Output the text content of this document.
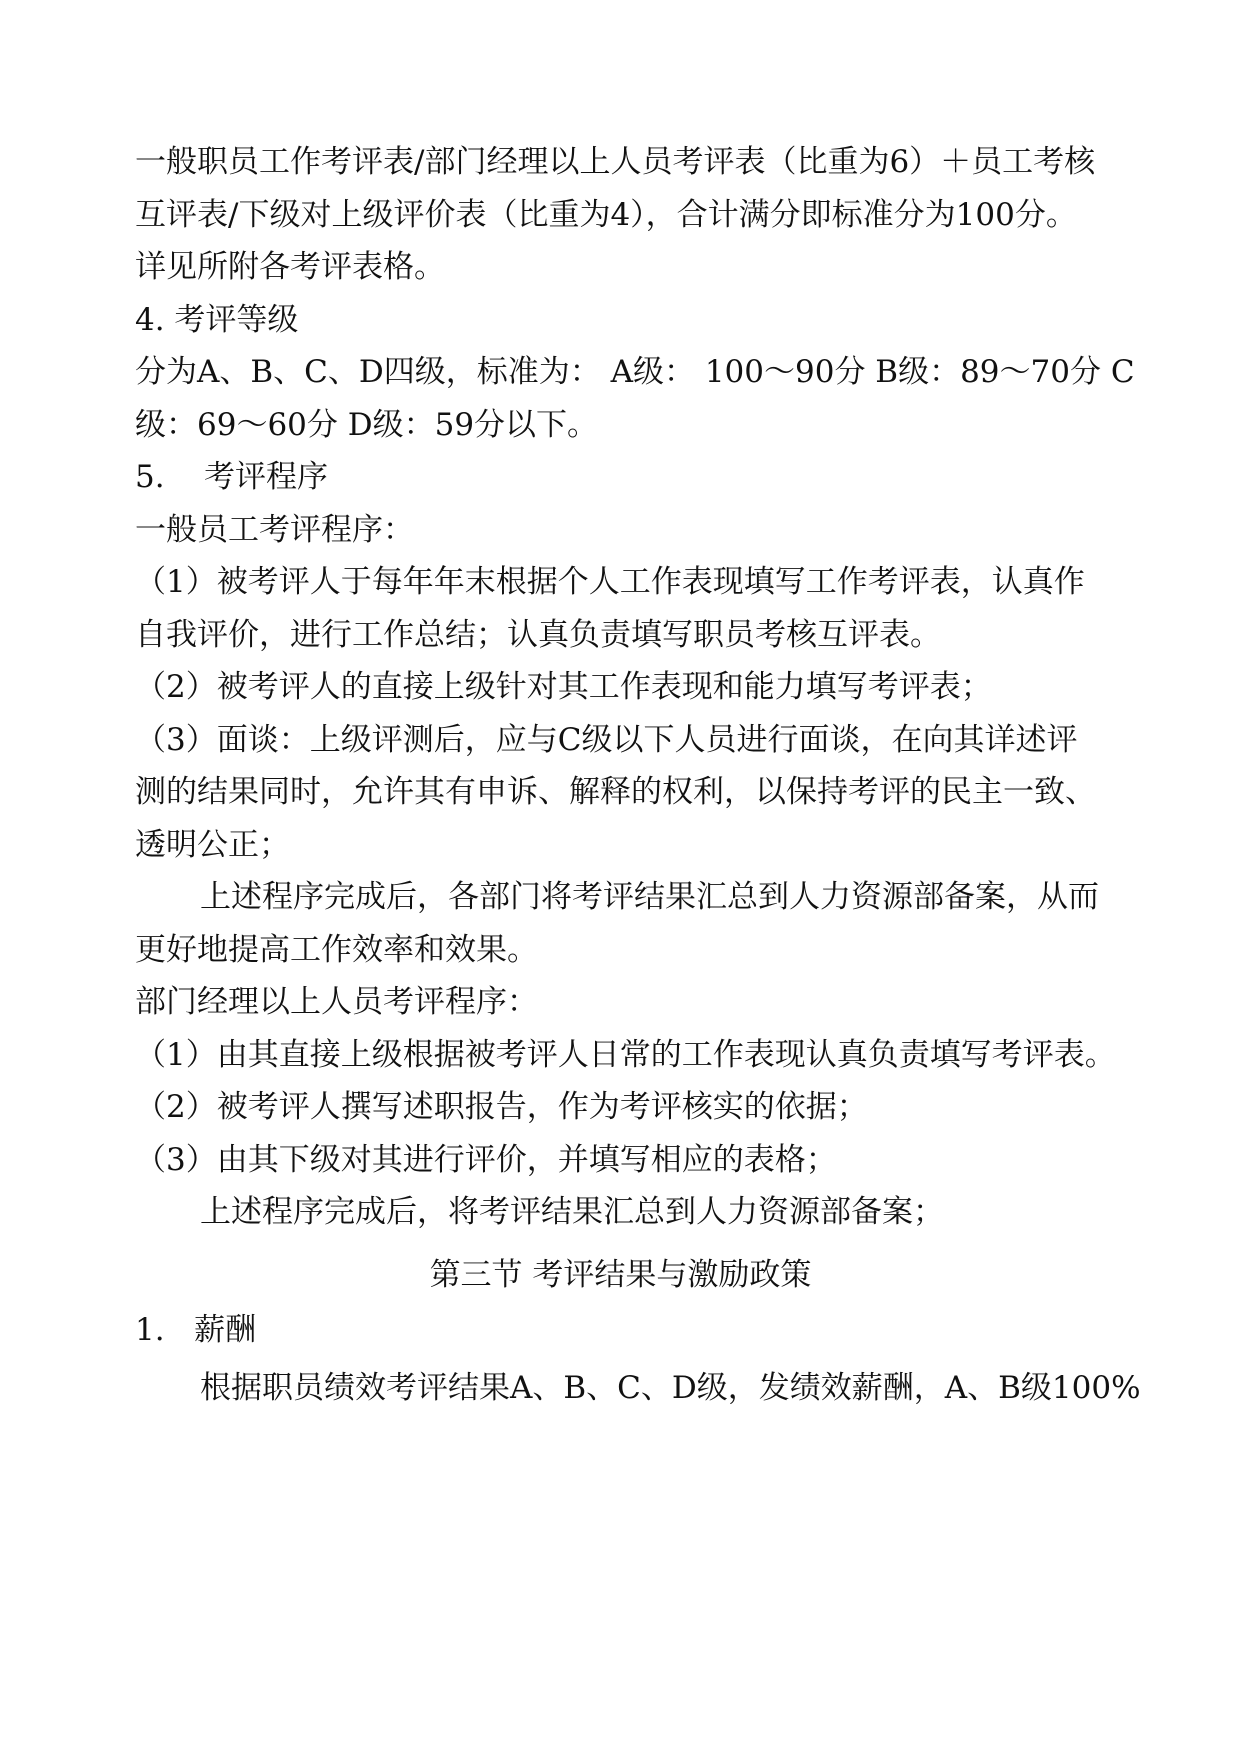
一般职员工作考评表/部门经理以上人员考评表（比重为6）＋员工考核
互评表/下级对上级评价表（比重为4），合计满分即标准分为100分。
详见所附各考评表格。
4. 考评等级
分为A、B、C、D四级，标准为： A级： 100～90分 B级：89～70分 C
级：69～60分 D级：59分以下。
5.    考评程序
一般员工考评程序：
（1）被考评人于每年年末根据个人工作表现填写工作考评表，认真作
自我评价，进行工作总结；认真负责填写职员考核互评表。
（2）被考评人的直接上级针对其工作表现和能力填写考评表；
（3）面谈：上级评测后，应与C级以下人员进行面谈，在向其详述评
测的结果同时，允许其有申诉、解释的权利，以保持考评的民主一致、
透明公正；
上述程序完成后，各部门将考评结果汇总到人力资源部备案，从而
更好地提高工作效率和效果。
部门经理以上人员考评程序：
（1）由其直接上级根据被考评人日常的工作表现认真负责填写考评表。
（2）被考评人撰写述职报告，作为考评核实的依据；
（3）由其下级对其进行评价，并填写相应的表格；
上述程序完成后，将考评结果汇总到人力资源部备案；
第三节 考评结果与激励政策
1.   薪酬
根据职员绩效考评结果A、B、C、D级，发绩效薪酬，A、B级100%
